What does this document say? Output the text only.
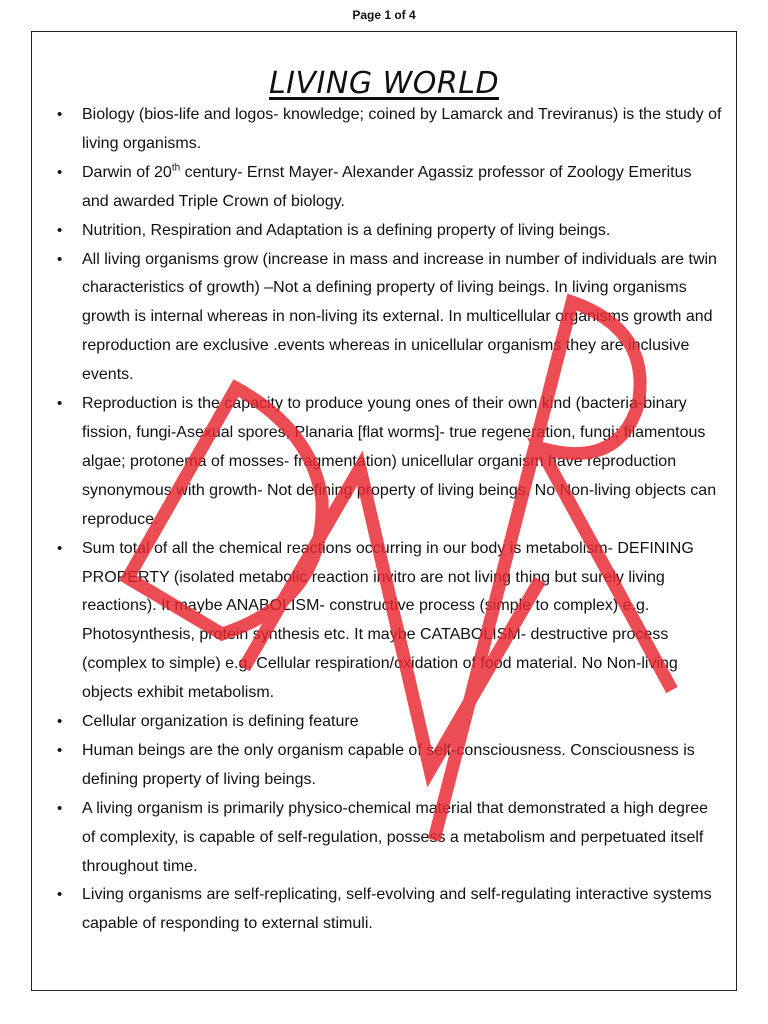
Page 1 of 4
LIVING WORLD
• Biology (bios-life and logos- knowledge; coined by Lamarck and Treviranus) is the study of living organisms.
• Darwin of 20th century- Ernst Mayer- Alexander Agassiz professor of Zoology Emeritus and awarded Triple Crown of biology.
• Nutrition, Respiration and Adaptation is a defining property of living beings.
• All living organisms grow (increase in mass and increase in number of individuals are twin characteristics of growth) –Not a defining property of living beings. In living organisms growth is internal whereas in non-living its external. In multicellular organisms growth and reproduction are exclusive .events whereas in unicellular organisms they are inclusive events.
• Reproduction is the capacity to produce young ones of their own kind (bacteria-binary fission, fungi-Asexual spores, Planaria [flat worms]- true regeneration, fungi; filamentous algae; protonema of mosses- fragmentation) unicellular organism have reproduction synonymous with growth- Not defining property of living beings. No Non-living objects can reproduce.
• Sum total of all the chemical reactions occurring in our body is metabolism- DEFINING PROPERTY (isolated metabolic reaction invitro are not living thing but surely living reactions). It maybe ANABOLISM- constructive process (simple to complex) e.g. Photosynthesis, protein synthesis etc. It maybe CATABOLISM- destructive process (complex to simple) e.g. Cellular respiration/oxidation of food material. No Non-living objects exhibit metabolism.
• Cellular organization is defining feature
• Human beings are the only organism capable of self-consciousness. Consciousness is defining property of living beings.
• A living organism is primarily physico-chemical material that demonstrated a high degree of complexity, is capable of self-regulation, possess a metabolism and perpetuated itself throughout time.
• Living organisms are self-replicating, self-evolving and self-regulating interactive systems capable of responding to external stimuli.
